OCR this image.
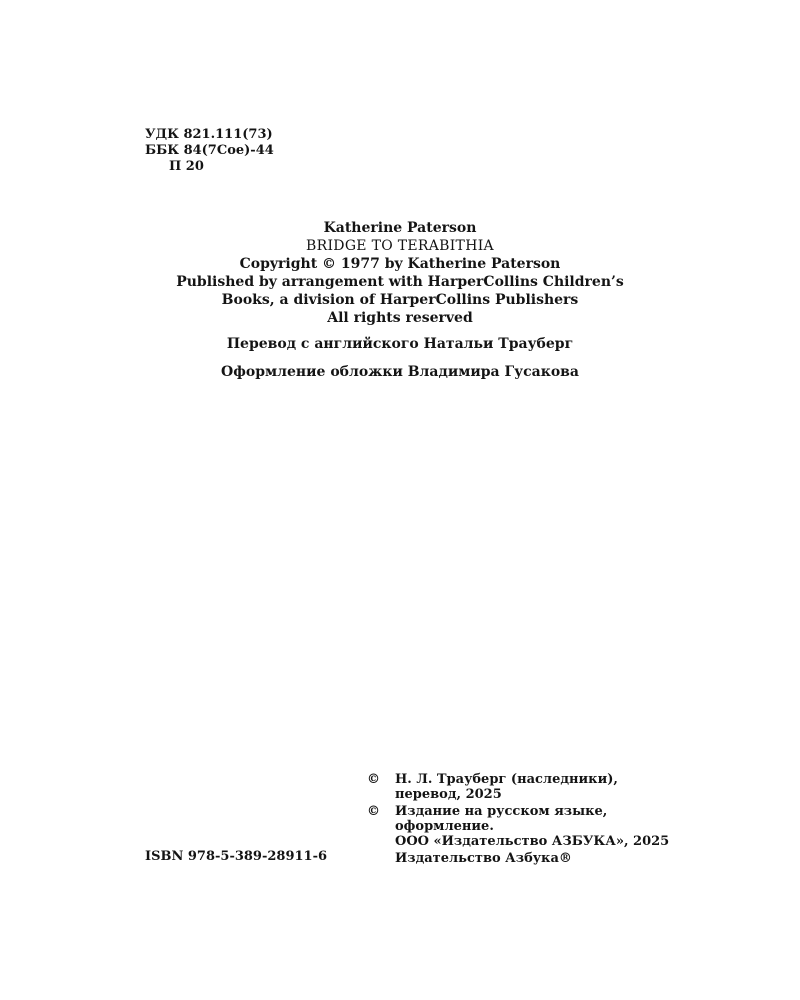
УДК 821.111(73)
ББК 84(7Сое)-44
П 20
Katherine Paterson
BRIDGE TO TERABITHIA
Copyright © 1977 by Katherine Paterson
Published by arrangement with HarperCollins Children’s
Books, a division of HarperCollins Publishers
All rights reserved
Перевод с английского Натальи Трауберг
Оформление обложки Владимира Гусакова
© Н. Л. Трауберг (наследники),
перевод, 2025
© Издание на русском языке,
оформление.
ООО «Издательство АЗБУКА», 2025
Издательство Азбука®
ISBN 978-5-389-28911-6
